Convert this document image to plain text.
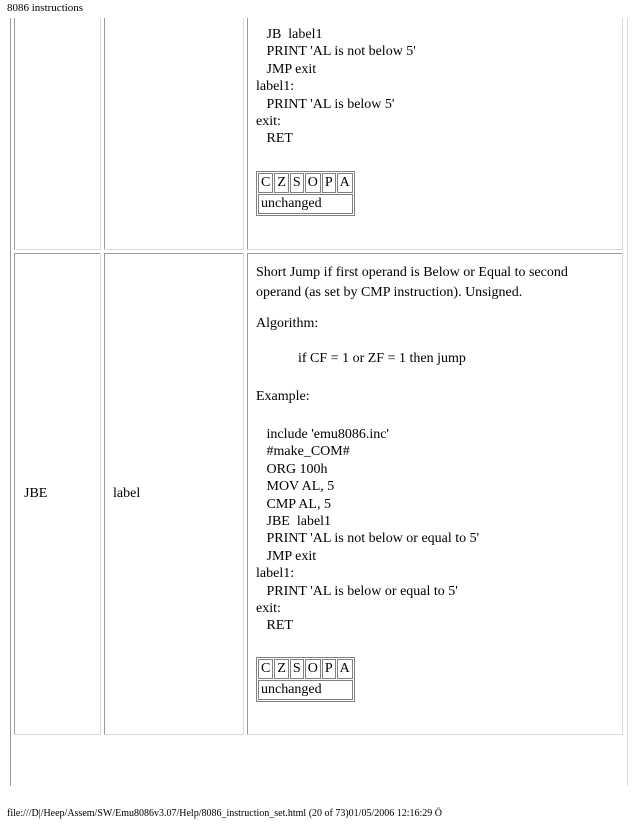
8086 instructions
JB  label1
PRINT 'AL is not below 5'
JMP exit
label1:
PRINT 'AL is below 5'
exit:
RET
C	Z	S	O	P	A
unchanged
JBE	label
Short Jump if first operand is Below or Equal to second
operand (as set by CMP instruction). Unsigned.
Algorithm:
if CF = 1 or ZF = 1 then jump
Example:
include 'emu8086.inc'
#make_COM#
ORG 100h
MOV AL, 5
CMP AL, 5
JBE  label1
PRINT 'AL is not below or equal to 5'
JMP exit
label1:
PRINT 'AL is below or equal to 5'
exit:
RET
C	Z	S	O	P	A
unchanged
file:///D|/Heep/Assem/SW/Emu8086v3.07/Help/8086_instruction_set.html (20 of 73)01/05/2006 12:16:29 Ö
